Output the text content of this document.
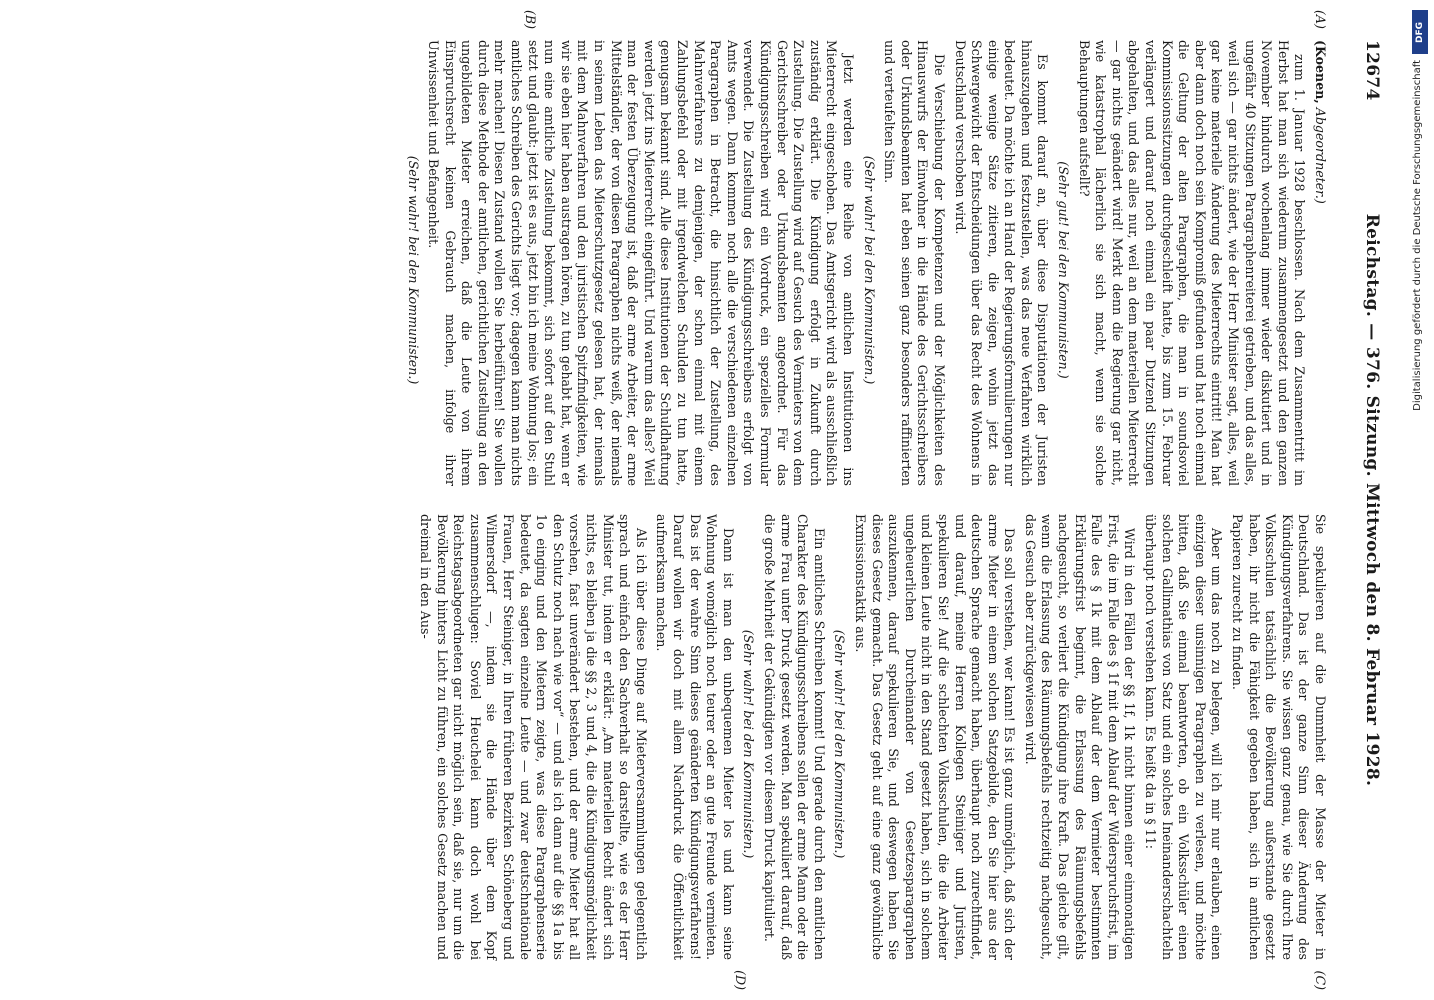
12674
Reichstag. — 376. Sitzung. Mittwoch den 8. Februar 1928.
(A)
(B)

(Koenen, Abgeordneter.)

zum 1. Januar 1928 beschlossen. Nach dem Zusammentritt im Herbst hat man sich wiederum zusammengesetzt und den ganzen November hindurch wochenlang immer wieder diskutiert und in ungefähr 40 Sitzungen Paragraphenreiterei getrieben, und das alles, weil sich — gar nichts ändert, wie der Herr Minister sagt, alles, weil gar keine materielle Änderung des Mieterrechts eintritt! Man hat aber dann doch noch sein Kompromiß gefunden und hat noch einmal die Geltung der alten Paragraphen, die man in soundsoviel Kommissionssitzungen durchgeschleift hatte, bis zum 15. Februar verlängert und darauf noch einmal ein paar Dutzend Sitzungen abgehalten, und das alles nur, weil an dem materiellen Mieterrecht — gar nichts geändert wird! Merkt denn die Regierung gar nicht, wie katastrophal lächerlich sie sich macht, wenn sie solche Behauptungen aufstellt?

(Sehr gut! bei den Kommunisten.)

Es kommt darauf an, über diese Disputationen der Juristen hinauszugehen und festzustellen, was das neue Verfahren wirklich bedeutet. Da möchte ich an Hand der Regierungsformulierungen nur einige wenige Sätze zitieren, die zeigen, wohin jetzt das Schwergewicht der Entscheidungen über das Recht des Wohnens in Deutschland verschoben wird.

Die Verschiebung der Kompetenzen und der Möglichkeiten des Hinauswurfs der Einwohner in die Hände des Gerichtsschreibers oder Urkundsbeamten hat eben seinen ganz besonders raffinierten und verteufelten Sinn.

(Sehr wahr! bei den Kommunisten.)

Jetzt werden eine Reihe von amtlichen Institutionen ins Mieterrecht eingeschoben. Das Amtsgericht wird als ausschließlich zuständig erklärt. Die Kündigung erfolgt in Zukunft durch Zustellung. Die Zustellung wird auf Gesuch des Vermieters von dem Gerichtsschreiber oder Urkundsbeamten angeordnet. Für das Kündigungsschreiben wird ein Vordruck, ein spezielles Formular verwendet. Die Zustellung des Kündigungsschreibens erfolgt von Amts wegen. Dann kommen noch alle die verschiedenen einzelnen Paragraphen in Betracht, die hinsichtlich der Zustellung, des Mahnverfahrens zu demjenigen, der schon einmal mit einem Zahlungsbefehl oder mit irgendwelchen Schulden zu tun hatte, genugsam bekannt sind. Alle diese Institutionen der Schuldhaftung werden jetzt ins Mieterrecht eingeführt. Und warum das alles? Weil man der festen Überzeugung ist, daß der arme Arbeiter, der arme Mittelständler, der von diesen Paragraphen nichts weiß, der niemals in seinem Leben das Mieterschutzgesetz gelesen hat, der niemals mit dem Mahnverfahren und den juristischen Spitzfindigkeiten, wie wir sie eben hier haben austragen hören, zu tun gehabt hat, wenn er nun eine amtliche Zustellung bekommt, sich sofort auf den Stuhl setzt und glaubt: jetzt ist es aus, jetzt bin ich meine Wohnung los; ein amtliches Schreiben des Gerichts liegt vor; dagegen kann man nichts mehr machen! Diesen Zustand wollen Sie herbeiführen! Sie wollen durch diese Methode der amtlichen, gerichtlichen Zustellung an den ungebildeten Mieter erreichen, daß die Leute von ihrem Einspruchsrecht keinen Gebrauch machen, infolge ihrer Unwissenheit und Befangenheit.

(Sehr wahr! bei den Kommunisten.)

(C)
(D)

Sie spekulieren auf die Dummheit der Masse der Mieter in Deutschland. Das ist der ganze Sinn dieser Änderung des Kündigungsverfahrens. Sie wissen ganz genau, wie Sie durch Ihre Volksschulen tatsächlich die Bevölkerung außerstande gesetzt haben, ihr nicht die Fähigkeit gegeben haben, sich in amtlichen Papieren zurecht zu finden.

Aber um das noch zu belegen, will ich mir nur erlauben, einen einzigen dieser unsinnigen Paragraphen zu verlesen, und möchte bitten, daß Sie einmal beantworten, ob ein Volksschüler einen solchen Gallimathias von Satz und ein solches Ineinanderschachteln überhaupt noch verstehen kann. Es heißt da in § 11:

Wird in den Fällen der §§ 1f, 1k nicht binnen einer einmonatigen Frist, die im Falle des § 1f mit dem Ablauf der Widerspruchsfrist, im Falle des § 1k mit dem Ablauf der dem Vermieter bestimmten Erklärungsfrist beginnt, die Erlassung des Räumungsbefehls nachgesucht, so verliert die Kündigung ihre Kraft. Das gleiche gilt, wenn die Erlassung des Räumungsbefehls rechtzeitig nachgesucht, das Gesuch aber zurückgewiesen wird.

Das soll verstehen, wer kann! Es ist ganz unmöglich, daß sich der arme Mieter in einem solchen Satzgebilde, den Sie hier aus der deutschen Sprache gemacht haben, überhaupt noch zurechtfindet, und darauf, meine Herren Kollegen Steiniger und Juristen, spekulieren Sie! Auf die schlechten Volksschulen, die die Arbeiter und kleinen Leute nicht in den Stand gesetzt haben, sich in solchem ungeheuerlichen Durcheinander von Gesetzesparagraphen auszukennen, darauf spekulieren Sie, und deswegen haben Sie dieses Gesetz gemacht. Das Gesetz geht auf eine ganz gewöhnliche Exmissionstaktik aus.

(Sehr wahr! bei den Kommunisten.)

Ein amtliches Schreiben kommt! Und gerade durch den amtlichen Charakter des Kündigungsschreibens sollen der arme Mann oder die arme Frau unter Druck gesetzt werden. Man spekuliert darauf, daß die große Mehrheit der Gekündigten vor diesem Druck kapituliert.

(Sehr wahr! bei den Kommunisten.)

Dann ist man den unbequemen Mieter los und kann seine Wohnung womöglich noch teurer oder an gute Freunde vermieten. Das ist der wahre Sinn dieses geänderten Kündigungsverfahrens! Darauf wollen wir doch mit allem Nachdruck die Öffentlichkeit aufmerksam machen.

Als ich über diese Dinge auf Mieterversammlungen gelegentlich sprach und einfach den Sachverhalt so darstellte, wie es der Herr Minister tut, indem er erklärt: „Am materiellen Recht ändert sich nichts, es bleiben ja die §§ 2, 3 und 4, die die Kündigungsmöglichkeit vorsehen, fast unverändert bestehen, und der arme Mieter hat all den Schutz noch nach wie vor“ — und als ich dann auf die §§ 1a bis 1o einging und den Mietern zeigte, was diese Paragraphenserie bedeutet, da sagten einzelne Leute — und zwar deutschnationale Frauen, Herr Steiniger, in Ihren früheren Bezirken Schöneberg und Wilmersdorf —, indem sie die Hände über dem Kopf zusammenschlugen: Soviel Heuchelei kann doch wohl bei Reichstagsabgeordneten gar nicht möglich sein, daß sie, nur um die Bevölkerung hinters Licht zu führen, ein solches Gesetz machen und dreimal in den Aus-

DFG
Digitalisierung gefördert durch die Deutsche Forschungsgemeinschaft
